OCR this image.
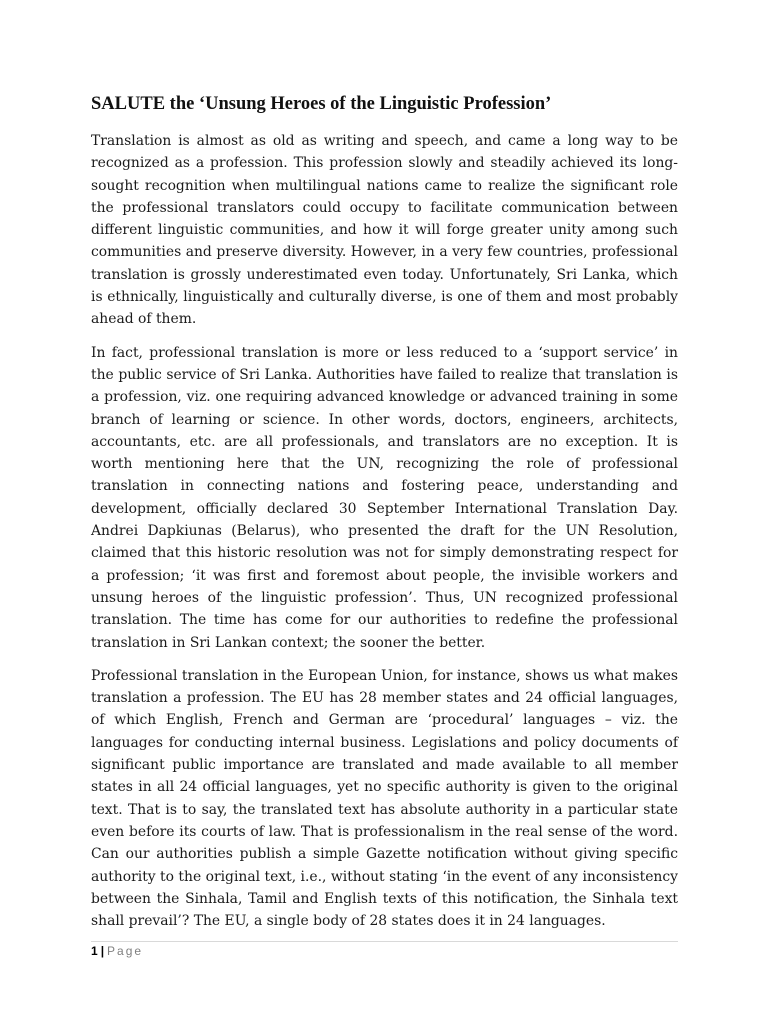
SALUTE the ‘Unsung Heroes of the Linguistic Profession’

Translation is almost as old as writing and speech, and came a long way to be recognized as a profession. This profession slowly and steadily achieved its long-sought recognition when multilingual nations came to realize the significant role the professional translators could occupy to facilitate communication between different linguistic communities, and how it will forge greater unity among such communities and preserve diversity. However, in a very few countries, professional translation is grossly underestimated even today. Unfortunately, Sri Lanka, which is ethnically, linguistically and culturally diverse, is one of them and most probably ahead of them.

In fact, professional translation is more or less reduced to a ‘support service’ in the public service of Sri Lanka. Authorities have failed to realize that translation is a profession, viz. one requiring advanced knowledge or advanced training in some branch of learning or science. In other words, doctors, engineers, architects, accountants, etc. are all professionals, and translators are no exception. It is worth mentioning here that the UN, recognizing the role of professional translation in connecting nations and fostering peace, understanding and development, officially declared 30 September International Translation Day. Andrei Dapkiunas (Belarus), who presented the draft for the UN Resolution, claimed that this historic resolution was not for simply demonstrating respect for a profession; ‘it was first and foremost about people, the invisible workers and unsung heroes of the linguistic profession’. Thus, UN recognized professional translation. The time has come for our authorities to redefine the professional translation in Sri Lankan context; the sooner the better.

Professional translation in the European Union, for instance, shows us what makes translation a profession. The EU has 28 member states and 24 official languages, of which English, French and German are ‘procedural’ languages – viz. the languages for conducting internal business. Legislations and policy documents of significant public importance are translated and made available to all member states in all 24 official languages, yet no specific authority is given to the original text. That is to say, the translated text has absolute authority in a particular state even before its courts of law. That is professionalism in the real sense of the word. Can our authorities publish a simple Gazette notification without giving specific authority to the original text, i.e., without stating ‘in the event of any inconsistency between the Sinhala, Tamil and English texts of this notification, the Sinhala text shall prevail’? The EU, a single body of 28 states does it in 24 languages.

1 | Page
